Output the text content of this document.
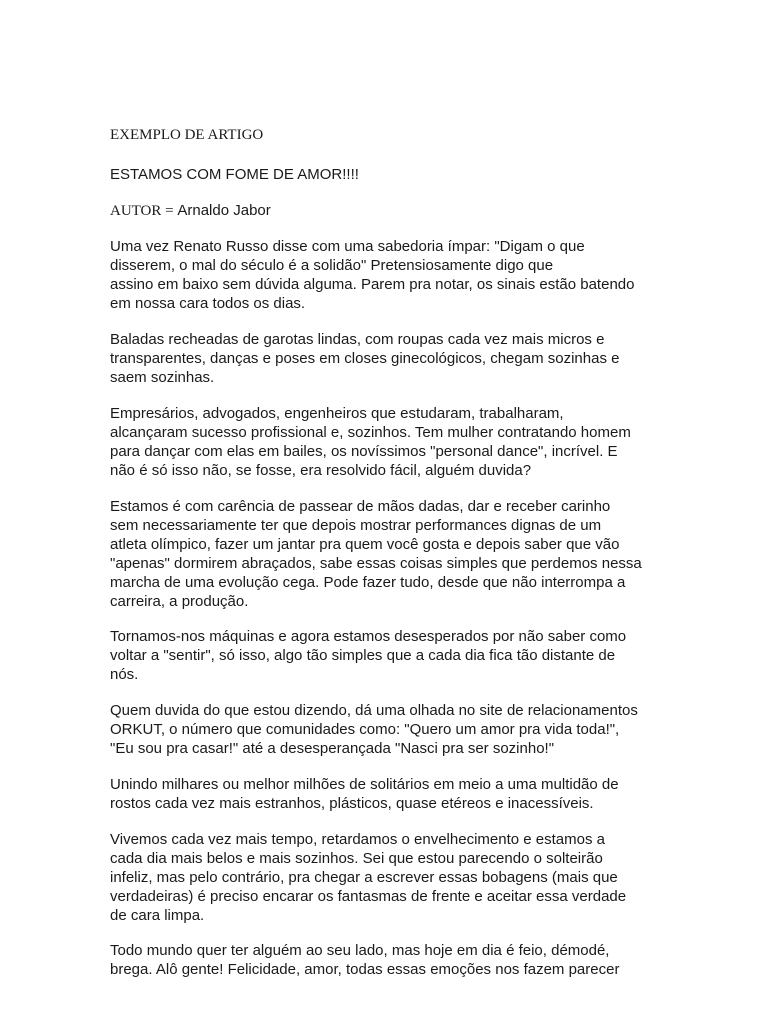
EXEMPLO DE ARTIGO
ESTAMOS COM FOME DE AMOR!!!!
AUTOR = Arnaldo Jabor
Uma vez Renato Russo disse com uma sabedoria ímpar: "Digam o que
disserem, o mal do século é a solidão" Pretensiosamente digo que
assino em baixo sem dúvida alguma. Parem pra notar, os sinais estão batendo
em nossa cara todos os dias.
Baladas recheadas de garotas lindas, com roupas cada vez mais micros e
transparentes, danças e poses em closes ginecológicos, chegam sozinhas e
saem sozinhas.
Empresários, advogados, engenheiros que estudaram, trabalharam,
alcançaram sucesso profissional e, sozinhos. Tem mulher contratando homem
para dançar com elas em bailes, os novíssimos "personal dance", incrível. E
não é só isso não, se fosse, era resolvido fácil, alguém duvida?
Estamos é com carência de passear de mãos dadas, dar e receber carinho
sem necessariamente ter que depois mostrar performances dignas de um
atleta olímpico, fazer um jantar pra quem você gosta e depois saber que vão
"apenas" dormirem abraçados, sabe essas coisas simples que perdemos nessa
marcha de uma evolução cega. Pode fazer tudo, desde que não interrompa a
carreira, a produção.
Tornamos-nos máquinas e agora estamos desesperados por não saber como
voltar a "sentir", só isso, algo tão simples que a cada dia fica tão distante de
nós.
Quem duvida do que estou dizendo, dá uma olhada no site de relacionamentos
ORKUT, o número que comunidades como: "Quero um amor pra vida toda!",
"Eu sou pra casar!" até a desesperançada "Nasci pra ser sozinho!"
Unindo milhares ou melhor milhões de solitários em meio a uma multidão de
rostos cada vez mais estranhos, plásticos, quase etéreos e inacessíveis.
Vivemos cada vez mais tempo, retardamos o envelhecimento e estamos a
cada dia mais belos e mais sozinhos. Sei que estou parecendo o solteirão
infeliz, mas pelo contrário, pra chegar a escrever essas bobagens (mais que
verdadeiras) é preciso encarar os fantasmas de frente e aceitar essa verdade
de cara limpa.
Todo mundo quer ter alguém ao seu lado, mas hoje em dia é feio, démodé,
brega. Alô gente! Felicidade, amor, todas essas emoções nos fazem parecer
